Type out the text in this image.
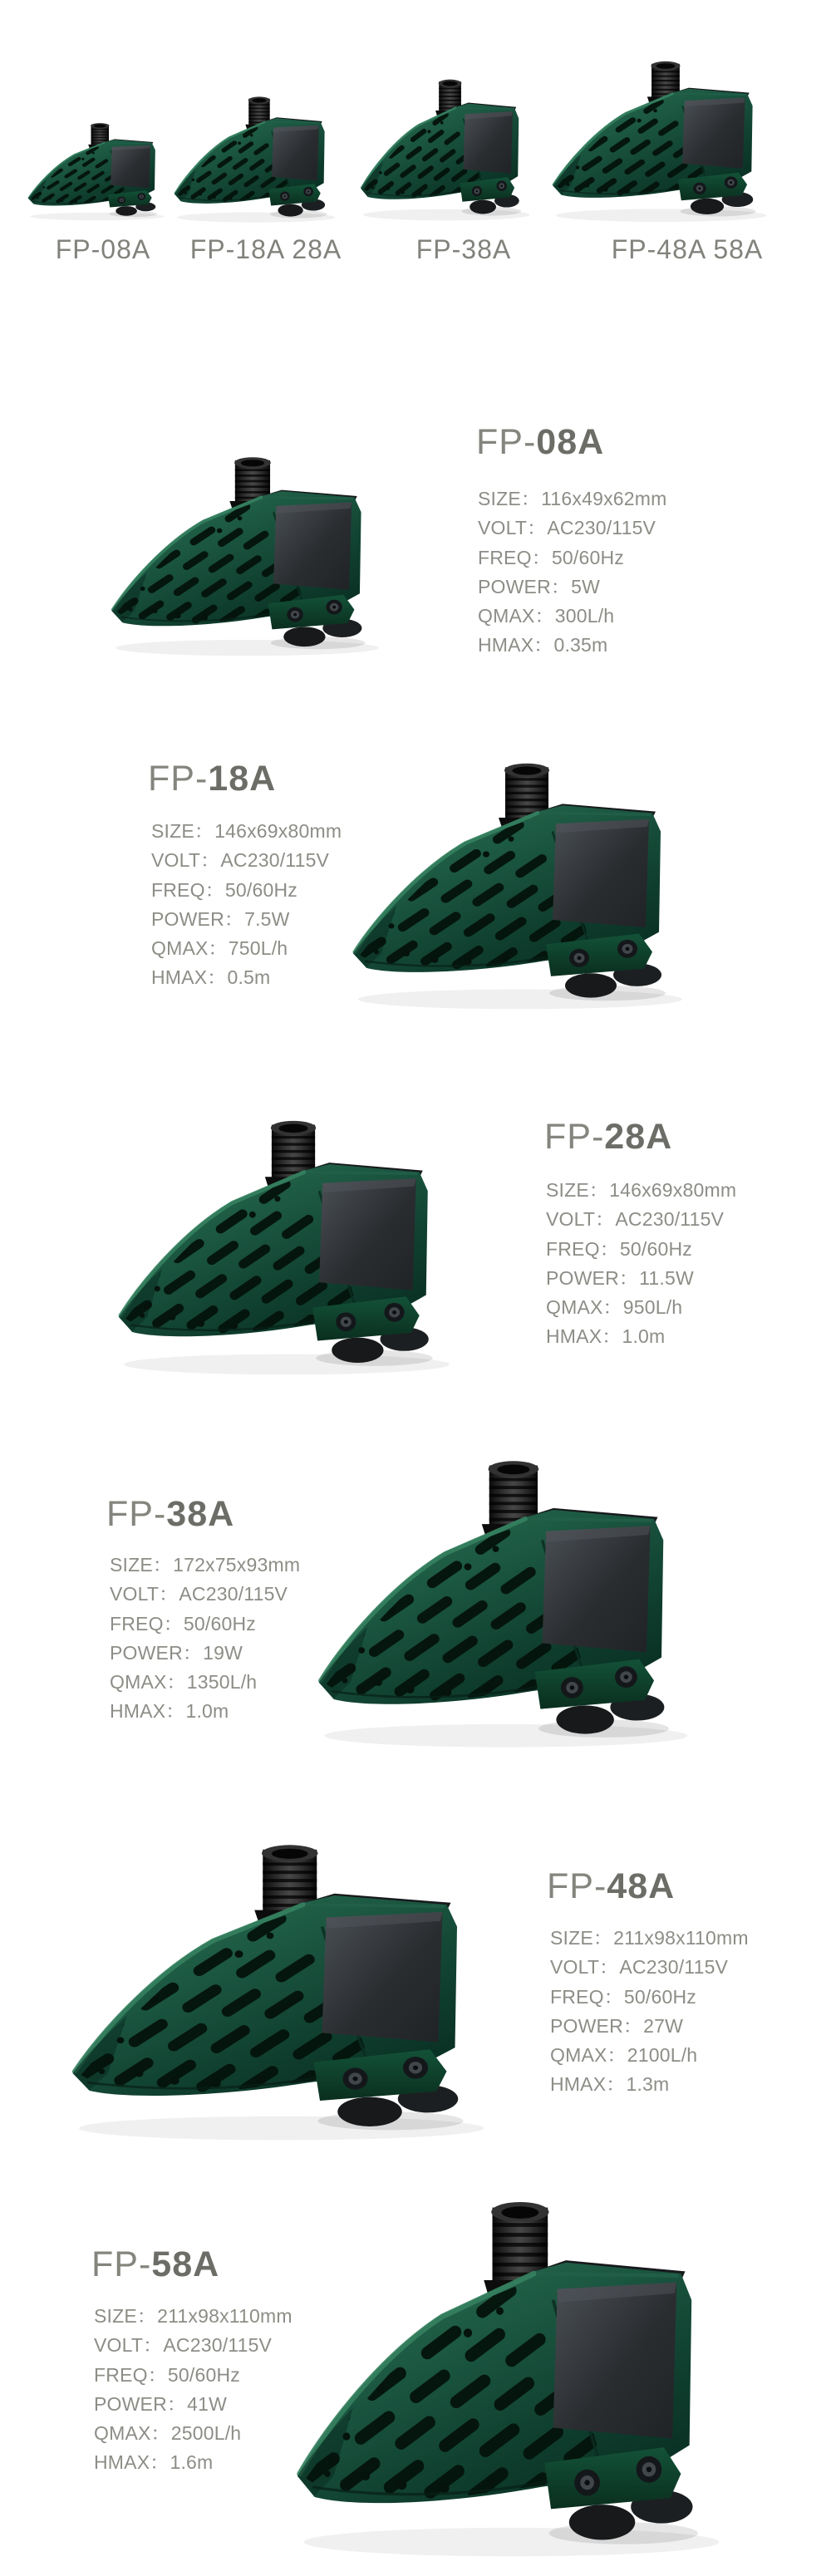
FP-08A	FP-18A 28A	FP-38A	FP-48A 58A
FP-08A
SIZE：116x49x62mm
VOLT：AC230/115V
FREQ：50/60Hz
POWER：5W
QMAX：300L/h
HMAX：0.35m
FP-18A
SIZE：146x69x80mm
VOLT：AC230/115V
FREQ：50/60Hz
POWER：7.5W
QMAX：750L/h
HMAX：0.5m
FP-28A
SIZE：146x69x80mm
VOLT：AC230/115V
FREQ：50/60Hz
POWER：11.5W
QMAX：950L/h
HMAX：1.0m
FP-38A
SIZE：172x75x93mm
VOLT：AC230/115V
FREQ：50/60Hz
POWER：19W
QMAX：1350L/h
HMAX：1.0m
FP-48A
SIZE：211x98x110mm
VOLT：AC230/115V
FREQ：50/60Hz
POWER：27W
QMAX：2100L/h
HMAX：1.3m
FP-58A
SIZE：211x98x110mm
VOLT：AC230/115V
FREQ：50/60Hz
POWER：41W
QMAX：2500L/h
HMAX：1.6m
